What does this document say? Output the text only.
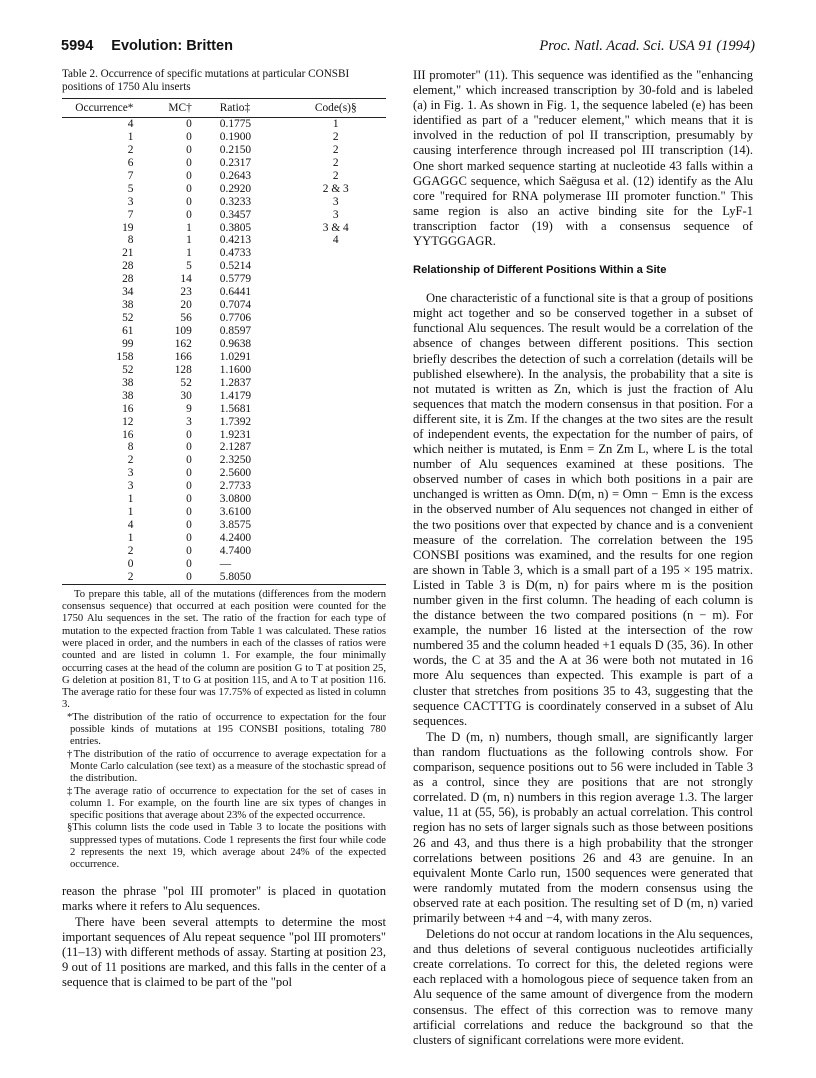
5994 Evolution: Britten	Proc. Natl. Acad. Sci. USA 91 (1994)
Table 2. Occurrence of specific mutations at particular CONSBI positions of 1750 Alu inserts
Occurrence*	MC†	Ratio‡	Code(s)§
4	0	0.1775	1
1	0	0.1900	2
2	0	0.2150	2
6	0	0.2317	2
7	0	0.2643	2
5	0	0.2920	2 & 3
3	0	0.3233	3
7	0	0.3457	3
19	1	0.3805	3 & 4
8	1	0.4213	4
21	1	0.4733	
28	5	0.5214	
28	14	0.5779	
34	23	0.6441	
38	20	0.7074	
52	56	0.7706	
61	109	0.8597	
99	162	0.9638	
158	166	1.0291	
52	128	1.1600	
38	52	1.2837	
38	30	1.4179	
16	9	1.5681	
12	3	1.7392	
16	0	1.9231	
8	0	2.1287	
2	0	2.3250	
3	0	2.5600	
3	0	2.7733	
1	0	3.0800	
1	0	3.6100	
4	0	3.8575	
1	0	4.2400	
2	0	4.7400	
0	0	—	
2	0	5.8050	
To prepare this table, all of the mutations (differences from the modern consensus sequence) that occurred at each position were counted for the 1750 Alu sequences in the set. The ratio of the fraction for each type of mutation to the expected fraction from Table 1 was calculated. These ratios were placed in order, and the numbers in each of the classes of ratios were counted and are listed in column 1. For example, the four minimally occurring cases at the head of the column are position G to T at position 25, G deletion at position 81, T to G at position 115, and A to T at position 116. The average ratio for these four was 17.75% of expected as listed in column 3.
*The distribution of the ratio of occurrence to expectation for the four possible kinds of mutations at 195 CONSBI positions, totaling 780 entries.
†The distribution of the ratio of occurrence to average expectation for a Monte Carlo calculation (see text) as a measure of the stochastic spread of the distribution.
‡The average ratio of occurrence to expectation for the set of cases in column 1. For example, on the fourth line are six types of changes in specific positions that average about 23% of the expected occurrence.
§This column lists the code used in Table 3 to locate the positions with suppressed types of mutations. Code 1 represents the first four while code 2 represents the next 19, which average about 24% of the expected occurrence.

reason the phrase "pol III promoter" is placed in quotation marks where it refers to Alu sequences.

There have been several attempts to determine the most important sequences of Alu repeat sequence "pol III promoters" (11–13) with different methods of assay. Starting at position 23, 9 out of 11 positions are marked, and this falls in the center of a sequence that is claimed to be part of the "pol

III promoter" (11). This sequence was identified as the "enhancing element," which increased transcription by 30-fold and is labeled (a) in Fig. 1. As shown in Fig. 1, the sequence labeled (e) has been identified as part of a "reducer element," which means that it is involved in the reduction of pol II transcription, presumably by causing interference through increased pol III transcription (14). One short marked sequence starting at nucleotide 43 falls within a GGAGGC sequence, which Saëgusa et al. (12) identify as the Alu core "required for RNA polymerase III promoter function." This same region is also an active binding site for the LyF-1 transcription factor (19) with a consensus sequence of YYTGGGAGR.

Relationship of Different Positions Within a Site

One characteristic of a functional site is that a group of positions might act together and so be conserved together in a subset of functional Alu sequences. The result would be a correlation of the absence of changes between different positions. This section briefly describes the detection of such a correlation (details will be published elsewhere). In the analysis, the probability that a site is not mutated is written as Zn, which is just the fraction of Alu sequences that match the modern consensus in that position. For a different site, it is Zm. If the changes at the two sites are the result of independent events, the expectation for the number of pairs, of which neither is mutated, is Enm = Zn Zm L, where L is the total number of Alu sequences examined at these positions. The observed number of cases in which both positions in a pair are unchanged is written as Omn. D(m, n) = Omn − Emn is the excess in the observed number of Alu sequences not changed in either of the two positions over that expected by chance and is a convenient measure of the correlation. The correlation between the 195 CONSBI positions was examined, and the results for one region are shown in Table 3, which is a small part of a 195 × 195 matrix. Listed in Table 3 is D(m, n) for pairs where m is the position number given in the first column. The heading of each column is the distance between the two compared positions (n − m). For example, the number 16 listed at the intersection of the row numbered 35 and the column headed +1 equals D (35, 36). In other words, the C at 35 and the A at 36 were both not mutated in 16 more Alu sequences than expected. This example is part of a cluster that stretches from positions 35 to 43, suggesting that the sequence CACTTTG is coordinately conserved in a subset of Alu sequences.

The D (m, n) numbers, though small, are significantly larger than random fluctuations as the following controls show. For comparison, sequence positions out to 56 were included in Table 3 as a control, since they are positions that are not strongly correlated. D (m, n) numbers in this region average 1.3. The larger value, 11 at (55, 56), is probably an actual correlation. This control region has no sets of larger signals such as those between positions 26 and 43, and thus there is a high probability that the stronger correlations between positions 26 and 43 are genuine. In an equivalent Monte Carlo run, 1500 sequences were generated that were randomly mutated from the modern consensus using the observed rate at each position. The resulting set of D (m, n) varied primarily between +4 and −4, with many zeros.

Deletions do not occur at random locations in the Alu sequences, and thus deletions of several contiguous nucleotides artificially create correlations. To correct for this, the deleted regions were each replaced with a homologous piece of sequence taken from an Alu sequence of the same amount of divergence from the modern consensus. The effect of this correction was to remove many artificial correlations and reduce the background so that the clusters of significant correlations were more evident.
